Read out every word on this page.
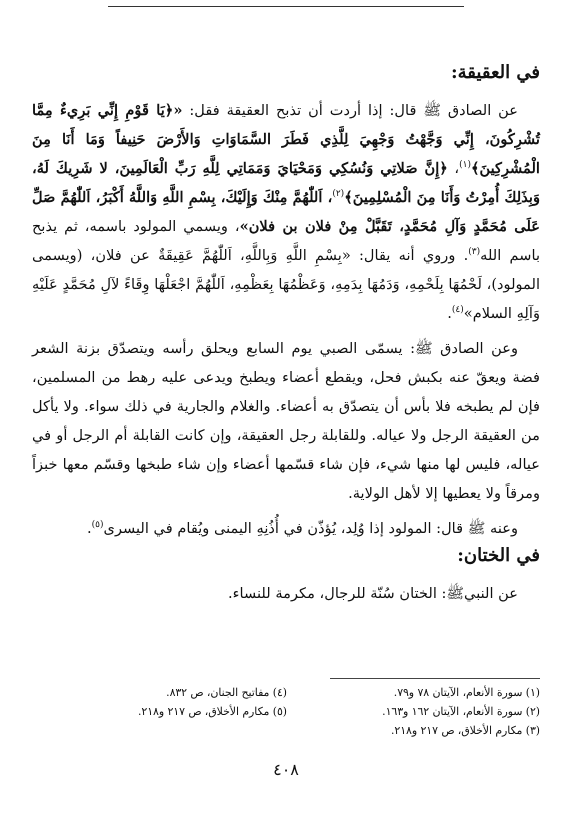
في العقيقة:

عن الصادق ﷺ قال: إذا أردت أن تذبح العقيقة فقل: «﴿يَا قَوْمِ إِنِّي بَرِيءٌ مِمَّا تُشْرِكُونَ، إِنِّي وَجَّهْتُ وَجْهِيَ لِلَّذِي فَطَرَ السَّمَاوَاتِ وَالأَرْضَ حَنِيفاً وَمَا أَنَا مِنَ الْمُشْرِكِينَ﴾$^{(١)}$، ﴿إِنَّ صَلاتِي وَنُسُكِي وَمَحْيَايَ وَمَمَاتِي لِلَّهِ رَبِّ الْعَالَمِينَ، لا شَرِيكَ لَهُ، وَبِذَلِكَ أُمِرْتُ وَأَنَا مِنَ الْمُسْلِمِينَ﴾$^{(٢)}$، اَللّٰهُمَّ مِنْكَ وَإِلَيْكَ، بِسْمِ اللَّهِ وَاللَّهُ أَكْبَرُ، اَللّٰهُمَّ صَلِّ عَلَى مُحَمَّدٍ وَآلِ مُحَمَّدٍ، تَقَبَّلْ مِنْ فلان بن فلان»، ويسمي المولود باسمه، ثم يذبح باسم الله$^{(٣)}$. وروي أنه يقال: «بِسْمِ اللَّهِ وَبِاللَّهِ، اَللّٰهُمَّ عَقِيقَةٌ عن فلان، (ويسمى المولود)، لَحْمُهَا بِلَحْمِهِ، وَدَمُهَا بِدَمِهِ، وَعَظْمُهَا بِعَظْمِهِ، اَللّٰهُمَّ اجْعَلْهَا وِقَاءً لآلِ مُحَمَّدٍ عَلَيْهِ وَآلِهِ السلام»$^{(٤)}$.

وعن الصادق ﷺ: يسمّى الصبي يوم السابع ويحلق رأسه ويتصدّق بزنة الشعر فضة ويعقّ عنه بكبش فحل، ويقطع أعضاء ويطبخ ويدعى عليه رهط من المسلمين، فإن لم يطبخه فلا بأس أن يتصدّق به أعضاء. والغلام والجارية في ذلك سواء. ولا يأكل من العقيقة الرجل ولا عياله. وللقابلة رجل العقيقة، وإن كانت القابلة أم الرجل أو في عياله، فليس لها منها شيء، فإن شاء قسّمها أعضاء وإن شاء طبخها وقسّم معها خبزاً ومرقاً ولا يعطيها إلا لأهل الولاية.

وعنه ﷺ قال: المولود إذا وُلِد، يُؤذّن في أُذُنِهِ اليمنى ويُقام في اليسرى$^{(٥)}$.

في الختان:

عن النبيﷺ: الختان سُنّة للرجال، مكرمة للنساء.

(١) سورة الأنعام، الآيتان ٧٨ و٧٩.
(٢) سورة الأنعام، الآيتان ١٦٢ و١٦٣.
(٣) مكارم الأخلاق، ص ٢١٧ و٢١٨.
(٤) مفاتيح الجنان، ص ٨٣٢.
(٥) مكارم الأخلاق، ص ٢١٧ و٢١٨.
٤٠٨
